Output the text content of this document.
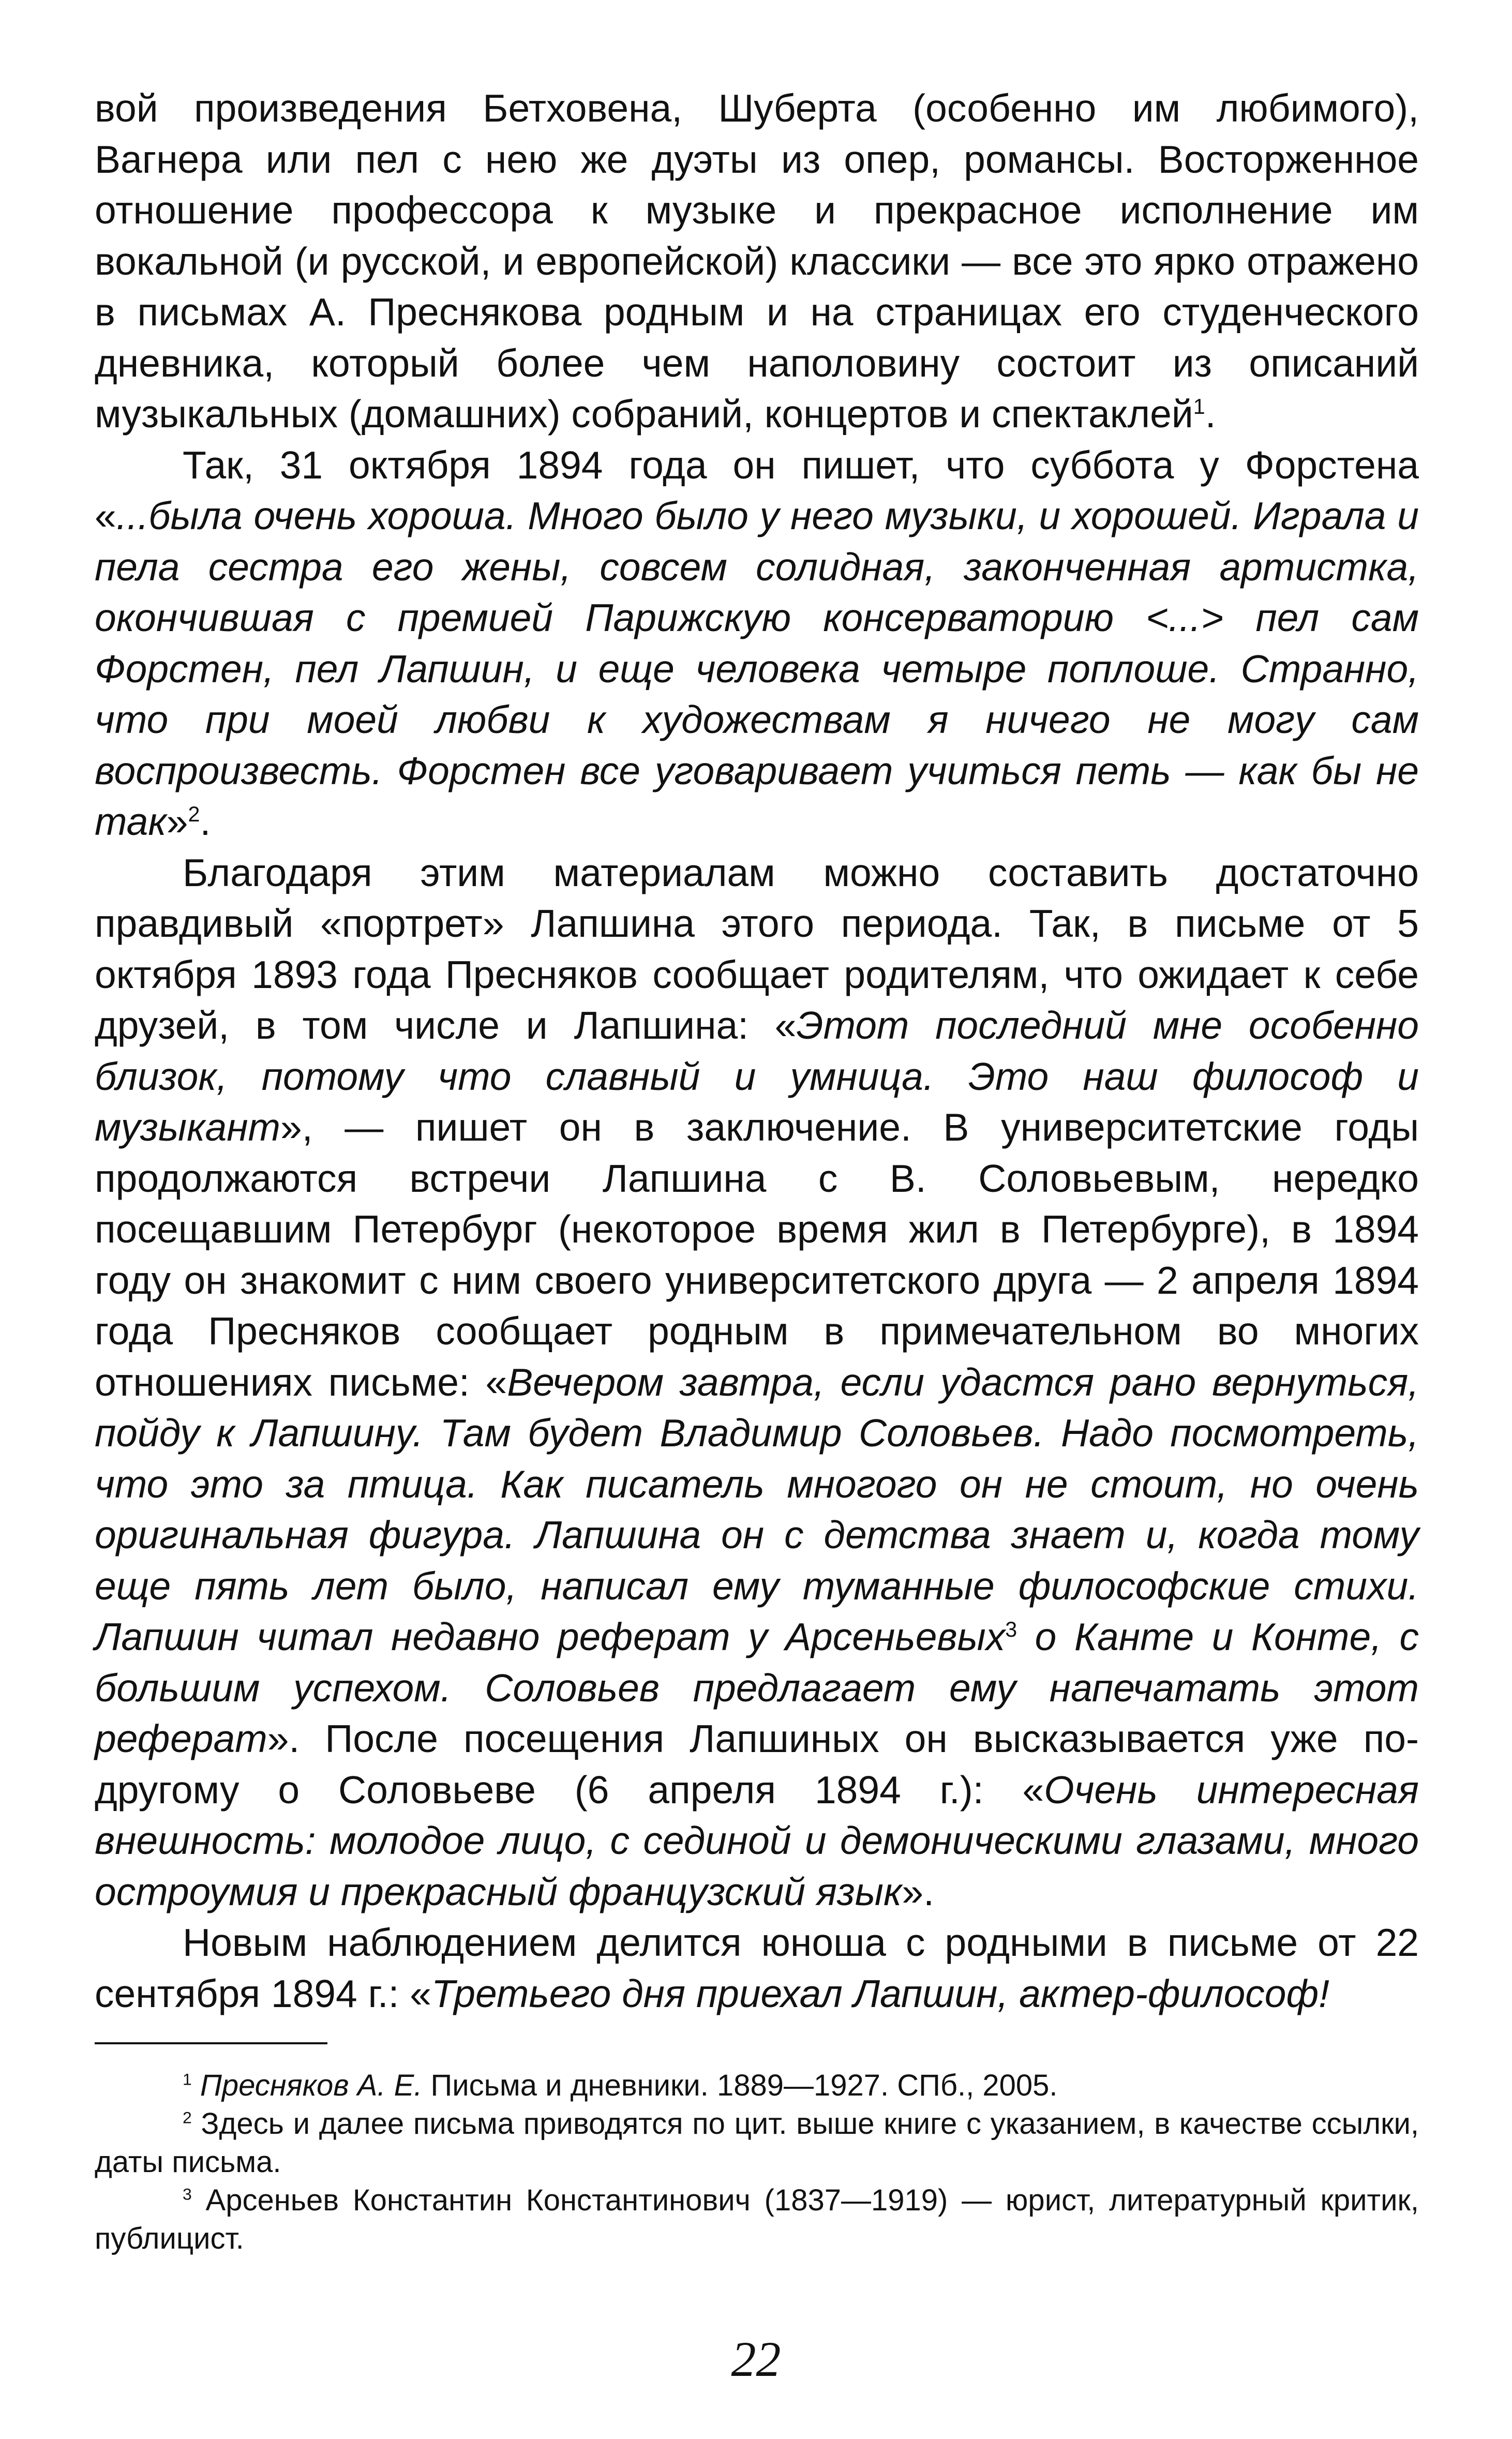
вой произведения Бетховена, Шуберта (особенно им любимого), Вагнера или пел с нею же дуэты из опер, романсы. Восторженное отношение профессора к музыке и прекрасное исполнение им вокальной (и русской, и европейской) классики — все это ярко отражено в письмах А. Преснякова родным и на страницах его студенческого дневника, который более чем наполовину состоит из описаний музыкальных (домашних) собраний, концертов и спектаклей$^1$.

Так, 31 октября 1894 года он пишет, что суббота у Форстена «...была очень хороша. Много было у него музыки, и хорошей. Играла и пела сестра его жены, совсем солидная, законченная артистка, окончившая с премией Парижскую консерваторию <...> пел сам Форстен, пел Лапшин, и еще человека четыре поплоше. Странно, что при моей любви к художествам я ничего не могу сам воспроизвесть. Форстен все уговаривает учиться петь — как бы не так»$^2$.

Благодаря этим материалам можно составить достаточно правдивый «портрет» Лапшина этого периода. Так, в письме от 5 октября 1893 года Пресняков сообщает родителям, что ожидает к себе друзей, в том числе и Лапшина: «Этот последний мне особенно близок, потому что славный и умница. Это наш философ и музыкант», — пишет он в заключение. В университетские годы продолжаются встречи Лапшина с В. Соловьевым, нередко посещавшим Петербург (некоторое время жил в Петербурге), в 1894 году он знакомит с ним своего университетского друга — 2 апреля 1894 года Пресняков сообщает родным в примечательном во многих отношениях письме: «Вечером завтра, если удастся рано вернуться, пойду к Лапшину. Там будет Владимир Соловьев. Надо посмотреть, что это за птица. Как писатель многого он не стоит, но очень оригинальная фигура. Лапшина он с детства знает и, когда тому еще пять лет было, написал ему туманные философские стихи. Лапшин читал недавно реферат у Арсеньевых$^3$ о Канте и Конте, с большим успехом. Соловьев предлагает ему напечатать этот реферат». После посещения Лапшиных он высказывается уже по-другому о Соловьеве (6 апреля 1894 г.): «Очень интересная внешность: молодое лицо, с сединой и демоническими глазами, много остроумия и прекрасный французский язык».

Новым наблюдением делится юноша с родными в письме от 22 сентября 1894 г.: «Третьего дня приехал Лапшин, актер-философ!

$^1$ Пресняков А. Е. Письма и дневники. 1889—1927. СПб., 2005.

$^2$ Здесь и далее письма приводятся по цит. выше книге с указанием, в качестве ссылки, даты письма.

$^3$ Арсеньев Константин Константинович (1837—1919) — юрист, литературный критик, публицист.

22
